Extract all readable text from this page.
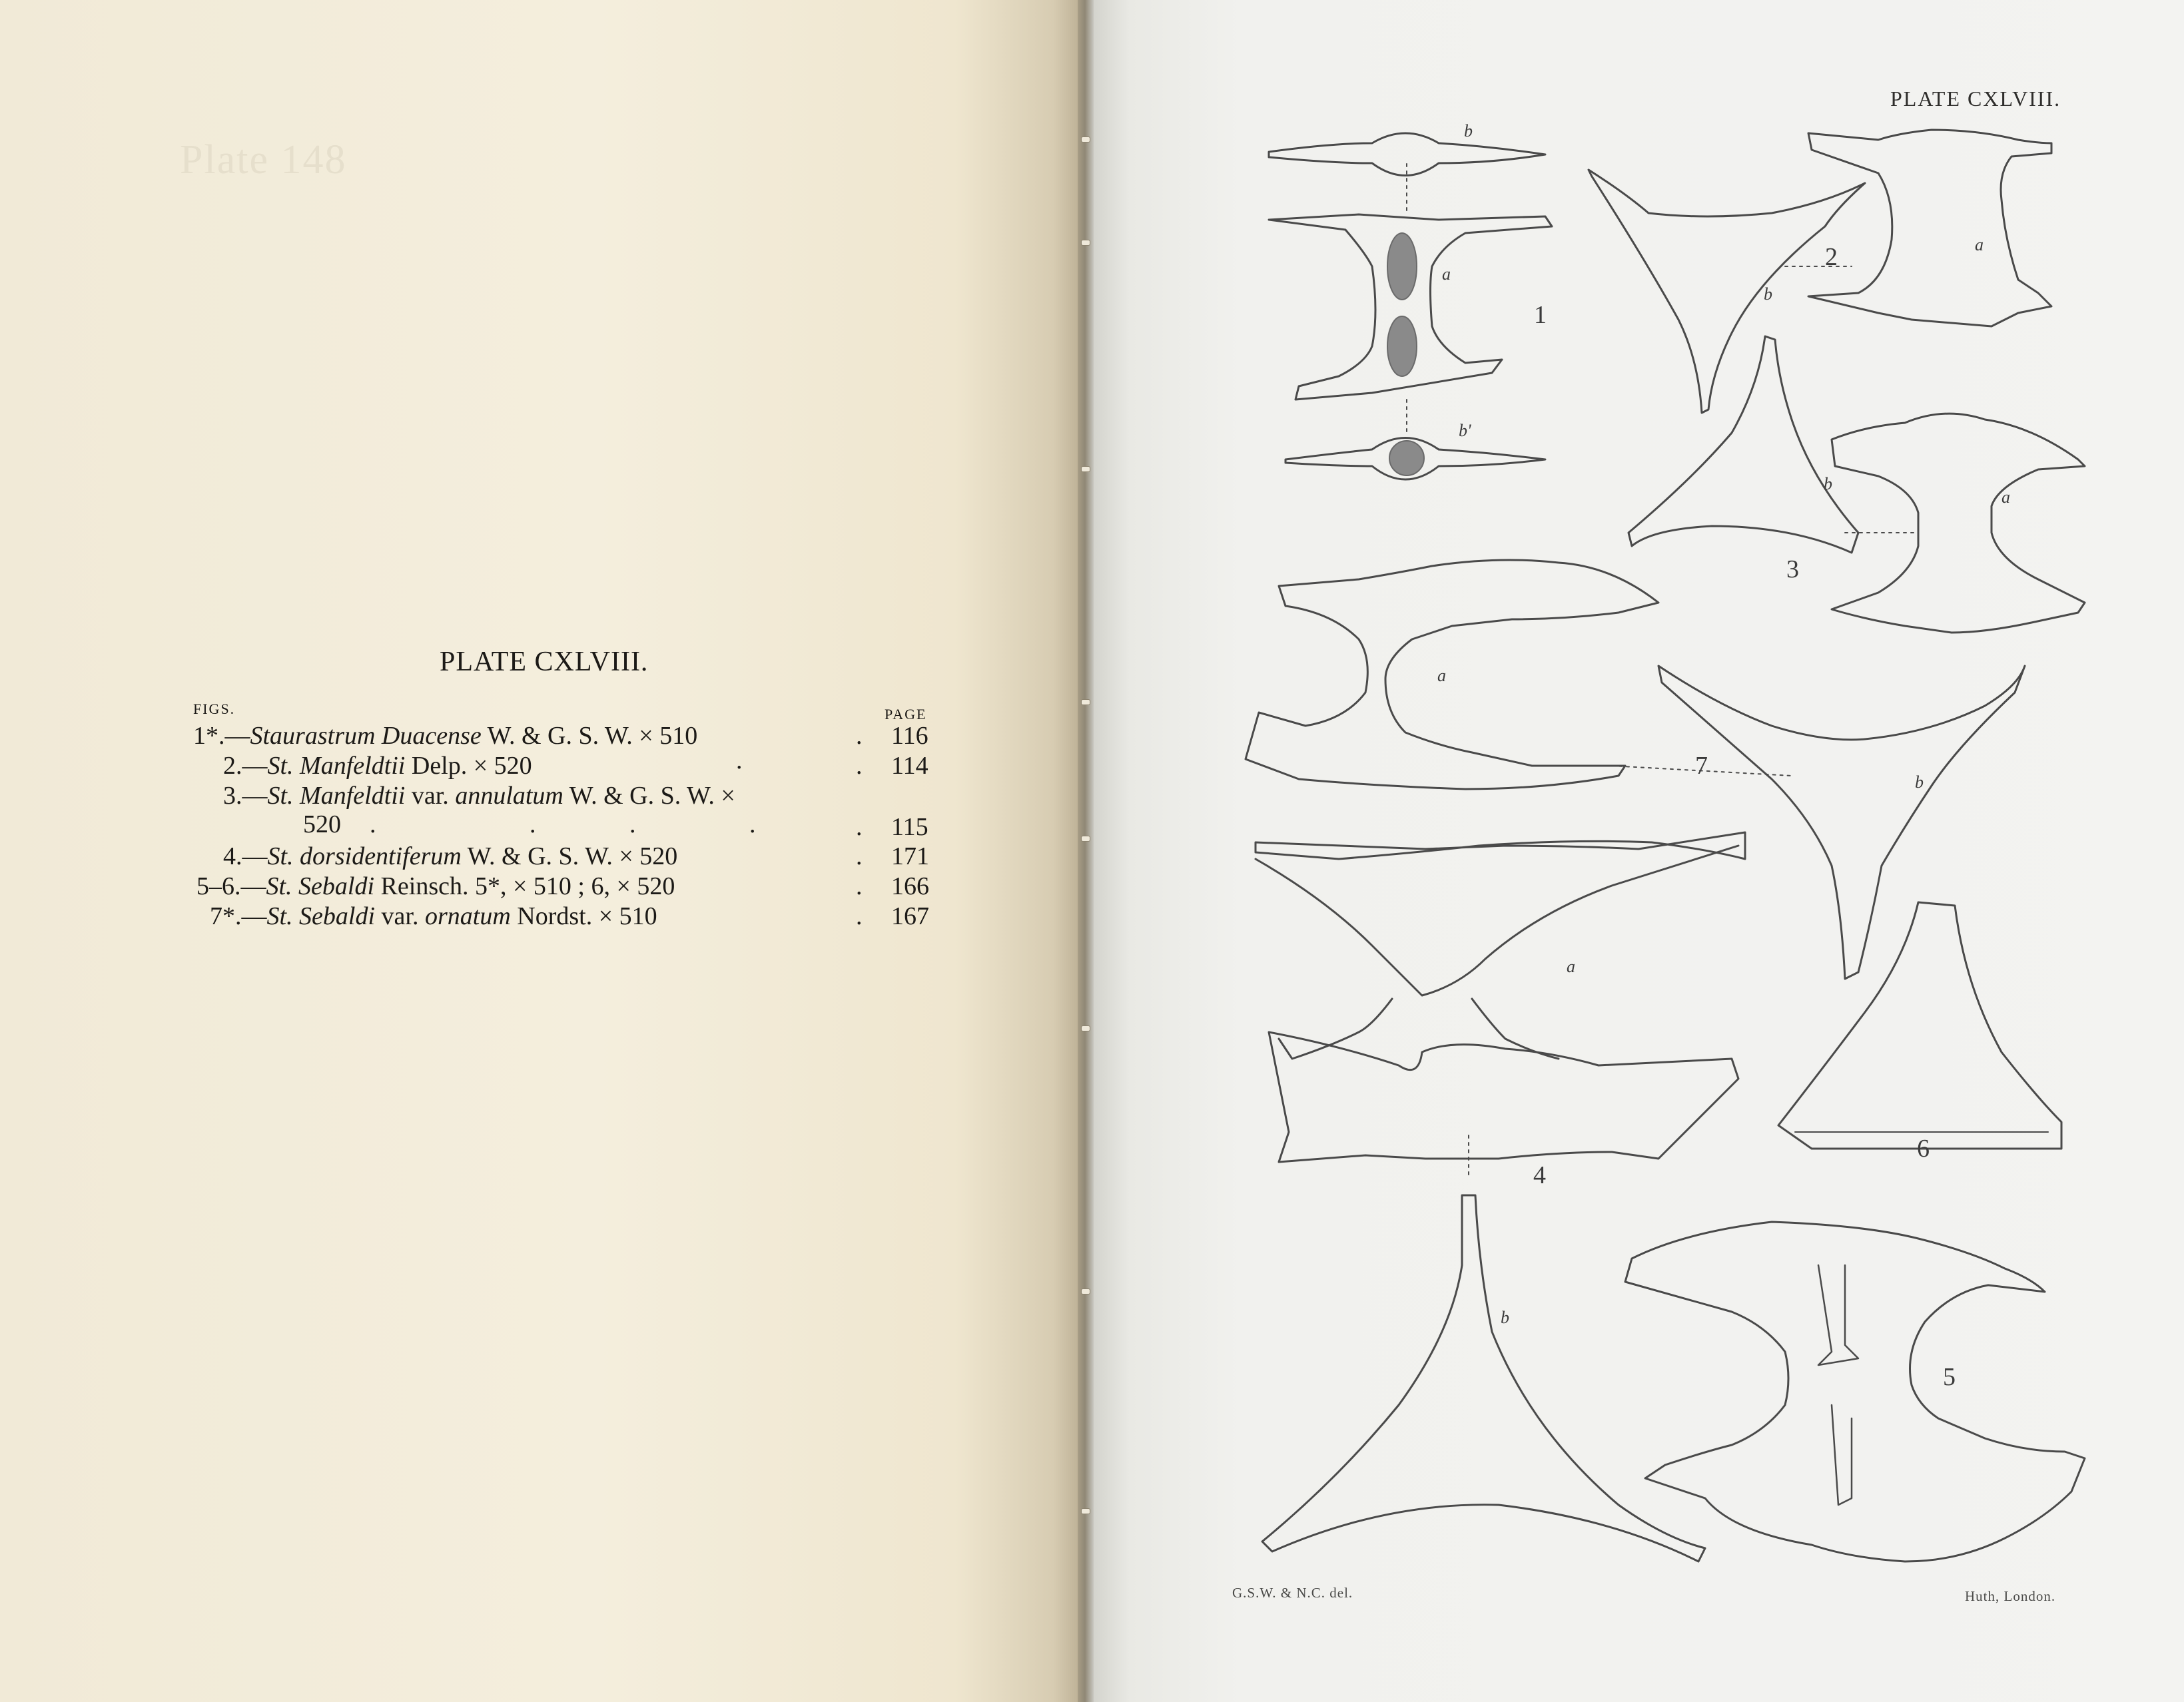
Plate 148
PLATE CXLVIII.
FIGS.	PAGE
1*.—Staurastrum Duacense W. & G. S. W. × 510	. 116
2.—St. Manfeldtii Delp. × 520	.	. 114
3.—St. Manfeldtii var. annulatum W. & G. S. W. ×
520 .	.	.	.	. 115
4.—St. dorsidentiferum W. & G. S. W. × 520	. 171
5–6.—St. Sebaldi Reinsch. 5*, × 510 ; 6, × 520	. 166
7*.—St. Sebaldi var. ornatum Nordst. × 510	. 167
PLATE CXLVIII.
1
2
3
4
5
6
7
b
a
b'
b
a
b
a
a
b
a
b
G.S.W. & N.C. del.	Huth, London.
